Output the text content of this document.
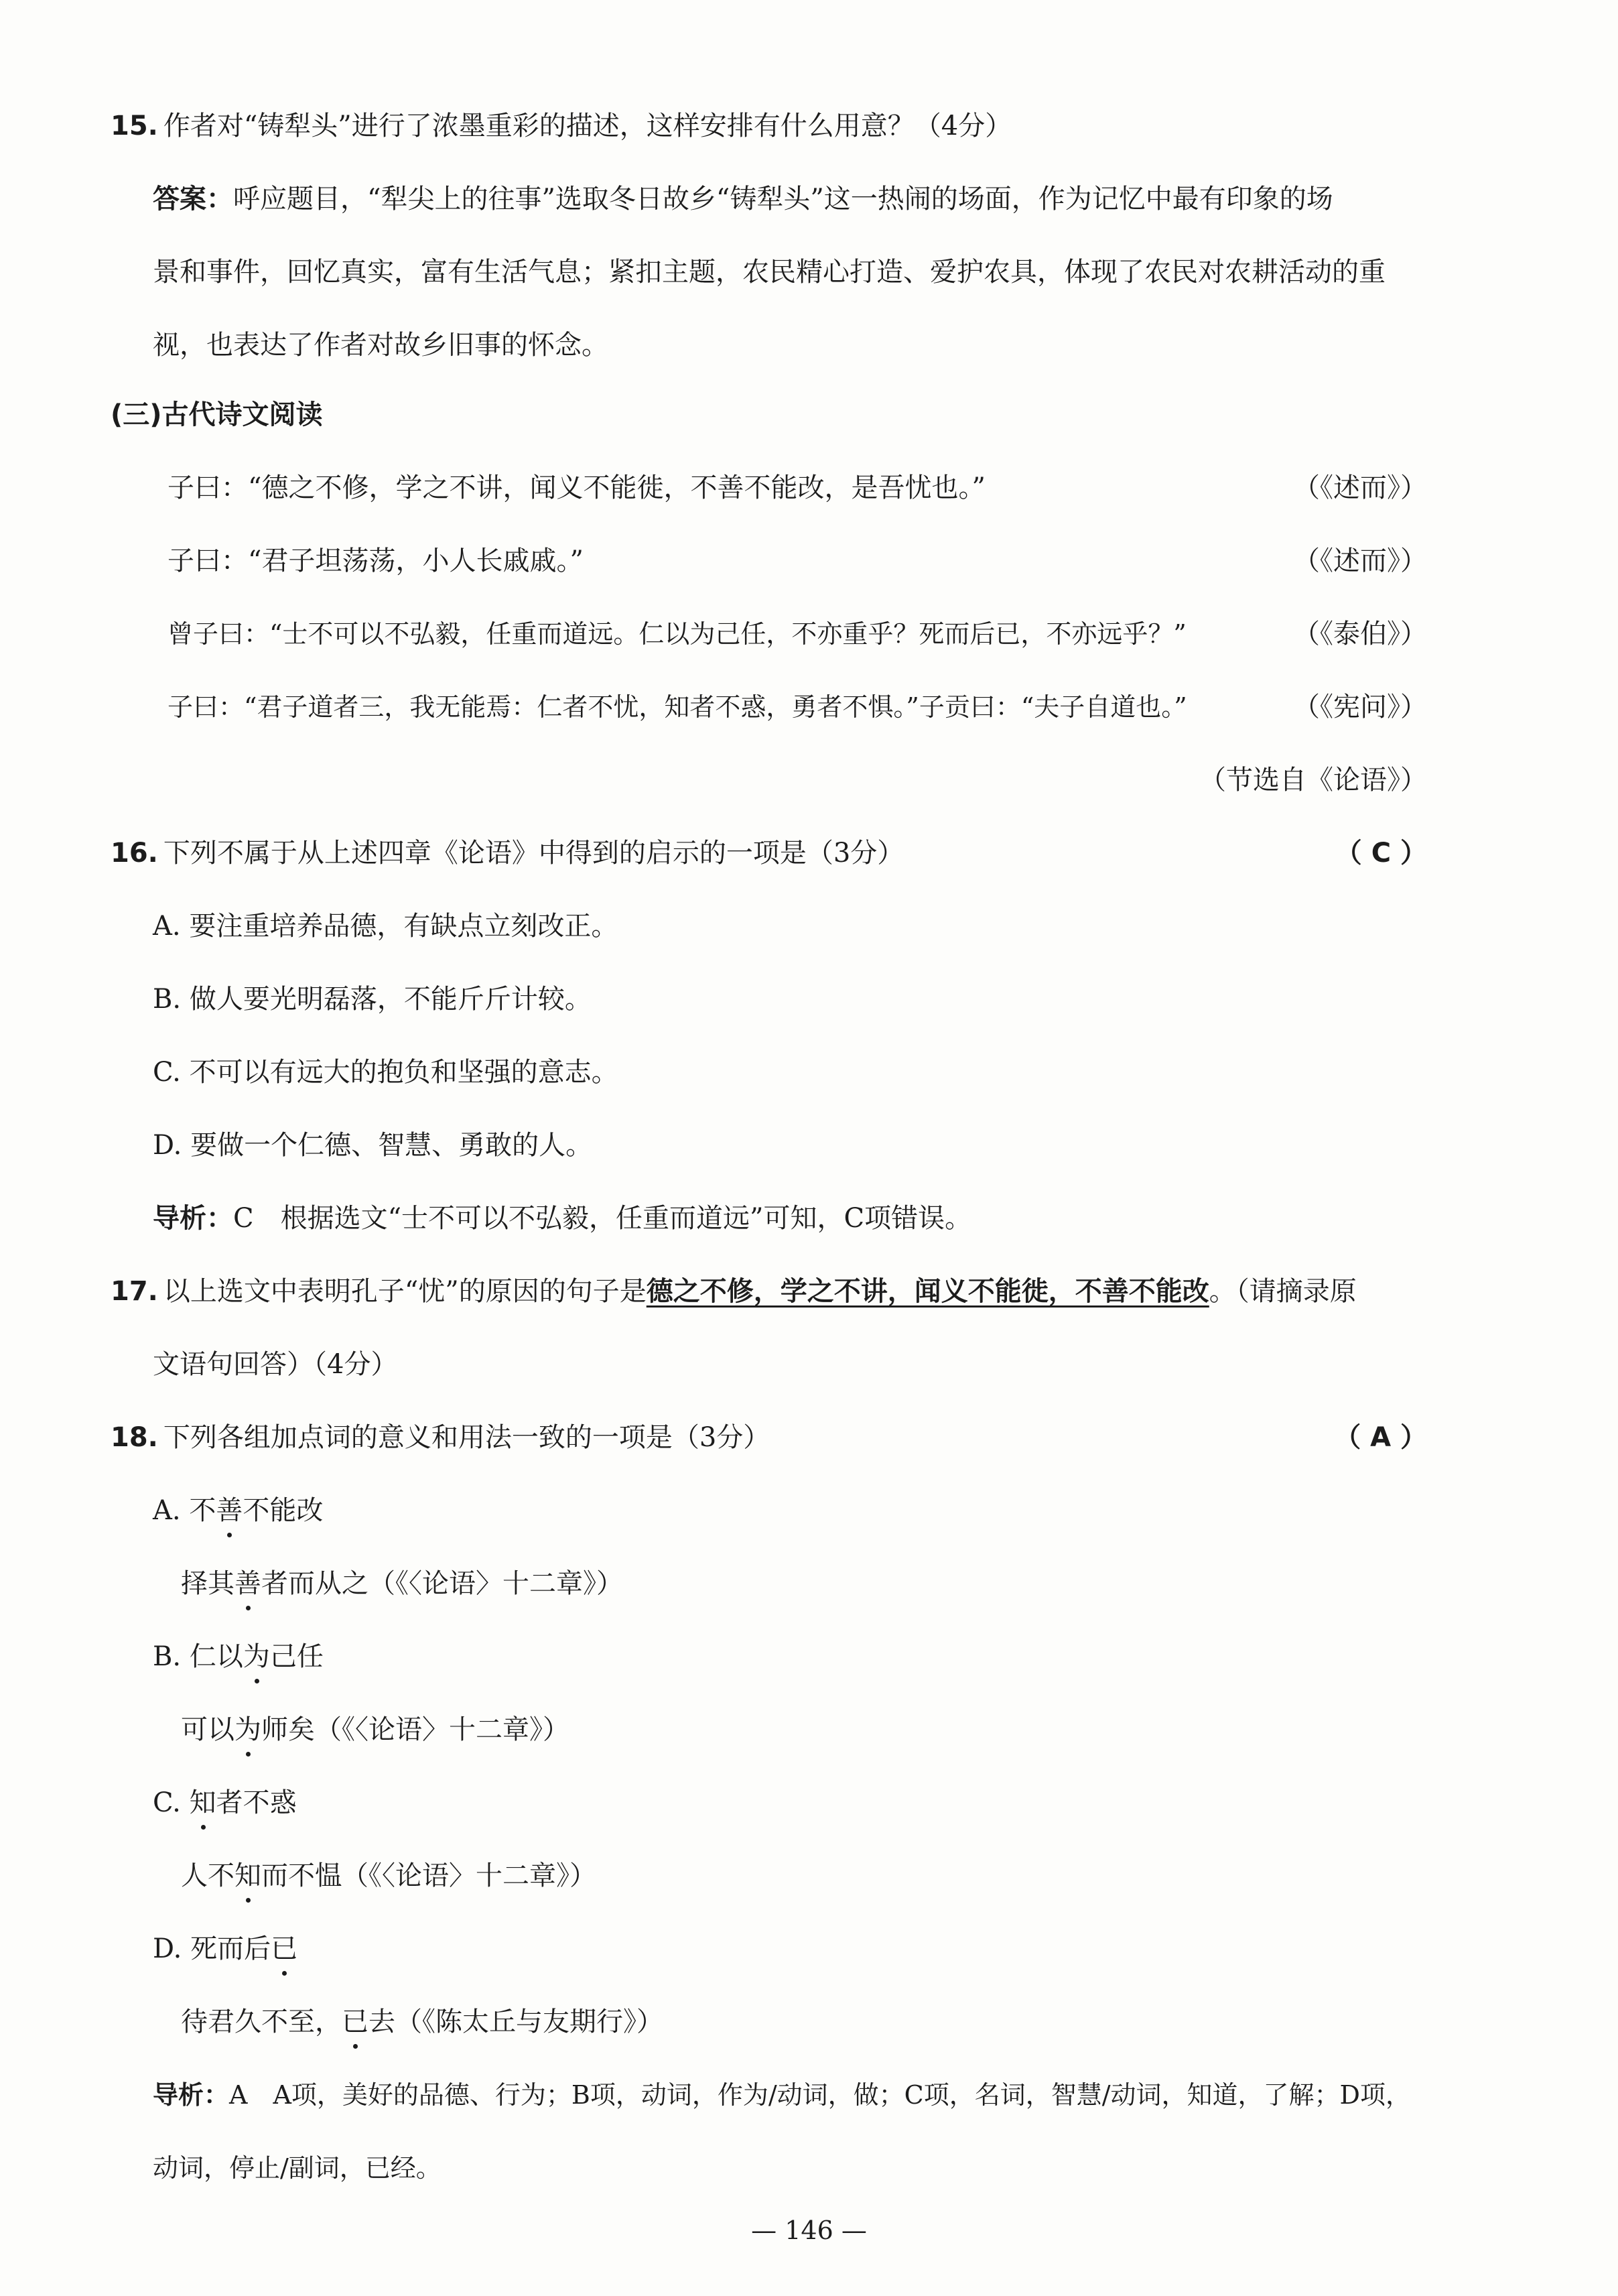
15. 作者对“铸犁头”进行了浓墨重彩的描述，这样安排有什么用意？（4分）
答案：呼应题目，“犁尖上的往事”选取冬日故乡“铸犁头”这一热闹的场面，作为记忆中最有印象的场
景和事件，回忆真实，富有生活气息；紧扣主题，农民精心打造、爱护农具，体现了农民对农耕活动的重
视，也表达了作者对故乡旧事的怀念。
(三)古代诗文阅读
子曰：“德之不修，学之不讲，闻义不能徙，不善不能改，是吾忧也。”	（《述而》）
子曰：“君子坦荡荡，小人长戚戚。”	（《述而》）
曾子曰：“士不可以不弘毅，任重而道远。仁以为己任，不亦重乎？死而后已，不亦远乎？”	（《泰伯》）
子曰：“君子道者三，我无能焉：仁者不忧，知者不惑，勇者不惧。”子贡曰：“夫子自道也。”	（《宪问》）
（节选自《论语》）
16. 下列不属于从上述四章《论语》中得到的启示的一项是（3分）	（ C ）
A. 要注重培养品德，有缺点立刻改正。
B. 做人要光明磊落，不能斤斤计较。
C. 不可以有远大的抱负和坚强的意志。
D. 要做一个仁德、智慧、勇敢的人。
导析：C　根据选文“士不可以不弘毅，任重而道远”可知，C项错误。
17. 以上选文中表明孔子“忧”的原因的句子是德之不修，学之不讲，闻义不能徙，不善不能改。（请摘录原
文语句回答）（4分）
18. 下列各组加点词的意义和用法一致的一项是（3分）	（ A ）
A. 不善不能改
择其善者而从之（《〈论语〉十二章》）
B. 仁以为己任
可以为师矣（《〈论语〉十二章》）
C. 知者不惑
人不知而不愠（《〈论语〉十二章》）
D. 死而后已
待君久不至，已去（《陈太丘与友期行》）
导析：A　A项，美好的品德、行为；B项，动词，作为/动词，做；C项，名词，智慧/动词，知道，了解；D项，
动词，停止/副词，已经。
— 146 —
